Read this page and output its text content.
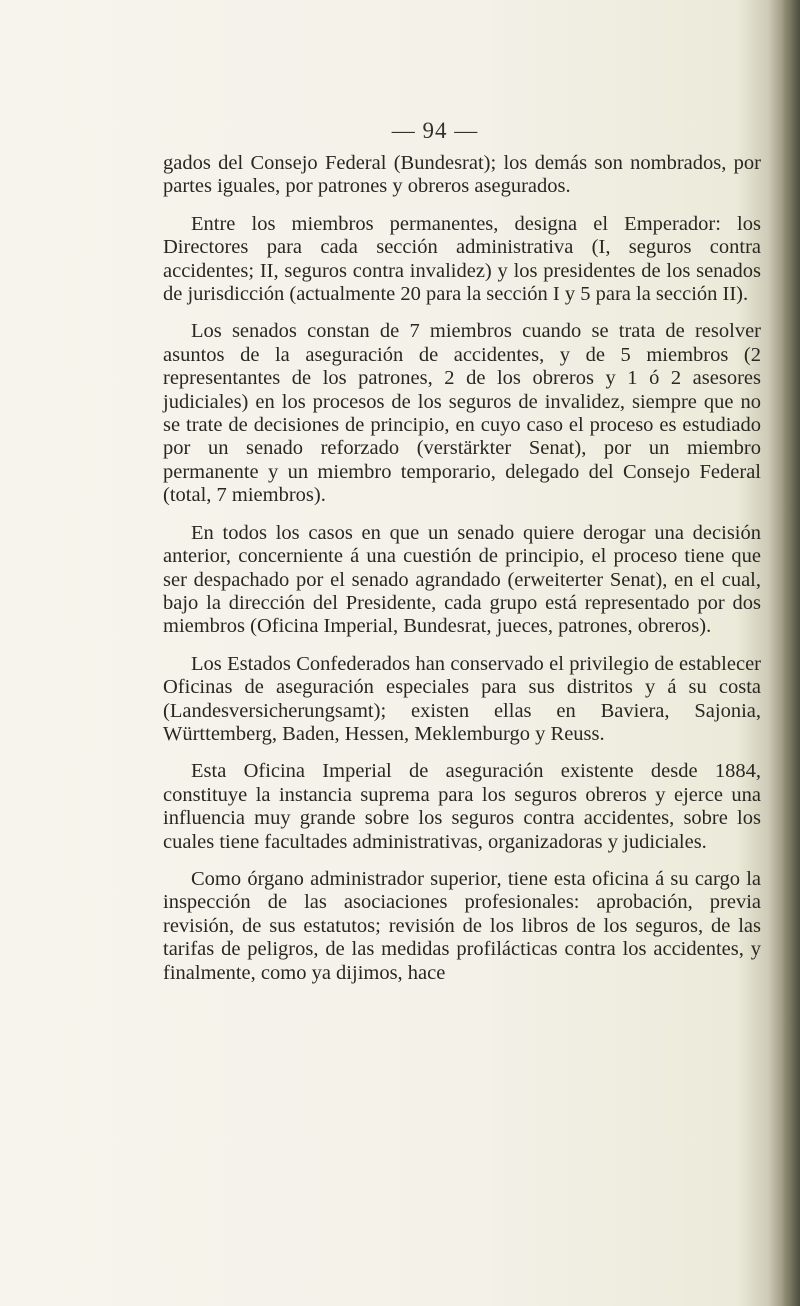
— 94 —

gados del Consejo Federal (Bundesrat); los demás son nombrados, por partes iguales, por patrones y obreros asegurados.

Entre los miembros permanentes, designa el Emperador: los Directores para cada sección administrativa (I, seguros contra accidentes; II, seguros contra invalidez) y los presidentes de los senados de jurisdicción (actualmente 20 para la sección I y 5 para la sección II).

Los senados constan de 7 miembros cuando se trata de resolver asuntos de la aseguración de accidentes, y de 5 miembros (2 representantes de los patrones, 2 de los obreros y 1 ó 2 asesores judiciales) en los procesos de los seguros de invalidez, siempre que no se trate de decisiones de principio, en cuyo caso el proceso es estudiado por un senado reforzado (verstärkter Senat), por un miembro permanente y un miembro temporario, delegado del Consejo Federal (total, 7 miembros).

En todos los casos en que un senado quiere derogar una decisión anterior, concerniente á una cuestión de principio, el proceso tiene que ser despachado por el senado agrandado (erweiterter Senat), en el cual, bajo la dirección del Presidente, cada grupo está representado por dos miembros (Oficina Imperial, Bundesrat, jueces, patrones, obreros).

Los Estados Confederados han conservado el privilegio de establecer Oficinas de aseguración especiales para sus distritos y á su costa (Landesversicherungsamt); existen ellas en Baviera, Sajonia, Württemberg, Baden, Hessen, Meklemburgo y Reuss.

Esta Oficina Imperial de aseguración existente desde 1884, constituye la instancia suprema para los seguros obreros y ejerce una influencia muy grande sobre los seguros contra accidentes, sobre los cuales tiene facultades administrativas, organizadoras y judiciales.

Como órgano administrador superior, tiene esta oficina á su cargo la inspección de las asociaciones profesionales: aprobación, previa revisión, de sus estatutos; revisión de los libros de los seguros, de las tarifas de peligros, de las medidas profilácticas contra los accidentes, y finalmente, como ya dijimos, hace
